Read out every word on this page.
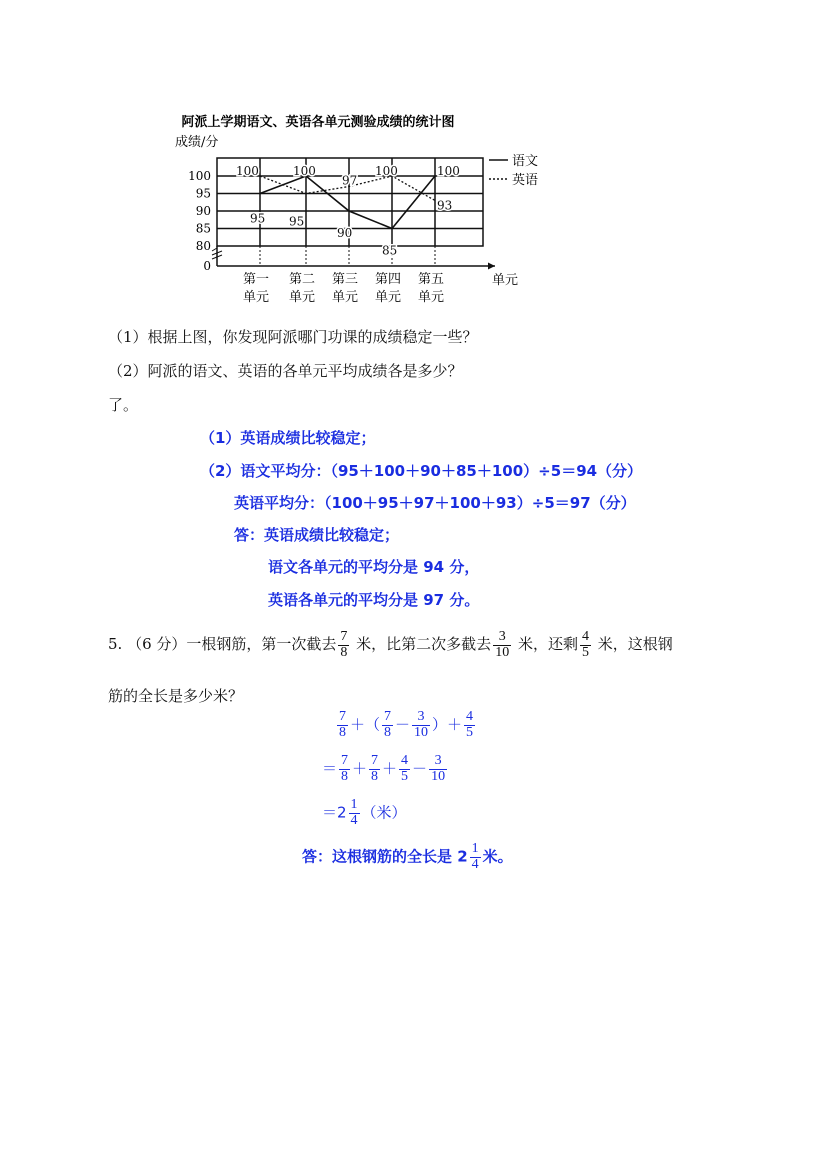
阿派上学期语文、英语各单元测验成绩的统计图
成绩/分
100
95
90
85
80
0
第一
单元
第二
单元
第三
单元
第四
单元
第五
单元
95
100
90
85
100
100
95
97
100
93
语文
英语
单元
（1）根据上图，你发现阿派哪门功课的成绩稳定一些？
（2）阿派的语文、英语的各单元平均成绩各是多少？
了。
（1）英语成绩比较稳定；
（2）语文平均分：（95＋100＋90＋85＋100）÷5＝94（分）
英语平均分：（100＋95＋97＋100＋93）÷5＝97（分）
答：英语成绩比较稳定；
语文各单元的平均分是 94 分，
英语各单元的平均分是 97 分。
5. （6 分）一根钢筋，第一次截去 $\frac{7}{8}$ 米，比第二次多截去 $\frac{3}{10}$ 米，还剩 $\frac{4}{5}$ 米，这根钢
筋的全长是多少米？
$\frac{7}{8}$ ＋（ $\frac{7}{8} - \frac{3}{10}$ ）＋ $\frac{4}{5}$
＝ $\frac{7}{8} + \frac{7}{8} + \frac{4}{5} - \frac{3}{10}$
$=2 \frac{1}{4}$ （米）
答：这根钢筋的全长是 $2 \frac{1}{4}$ 米。
